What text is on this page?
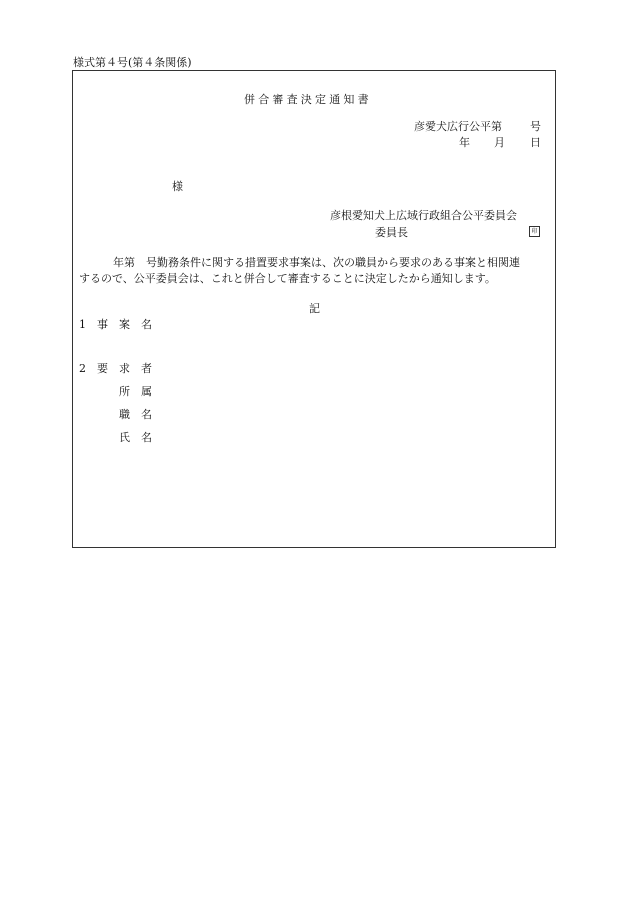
様式第４号(第４条関係)
併合審査決定通知書
彦愛犬広行公平第	号
年 月 日
様
彦根愛知犬上広域行政組合公平委員会
委員長	印
年第 号勤務条件に関する措置要求事案は、次の職員から要求のある事案と相関連
するので、公平委員会は、これと併合して審査することに決定したから通知します。
記
1 事案名
2 要求者
所属
職名
氏名
